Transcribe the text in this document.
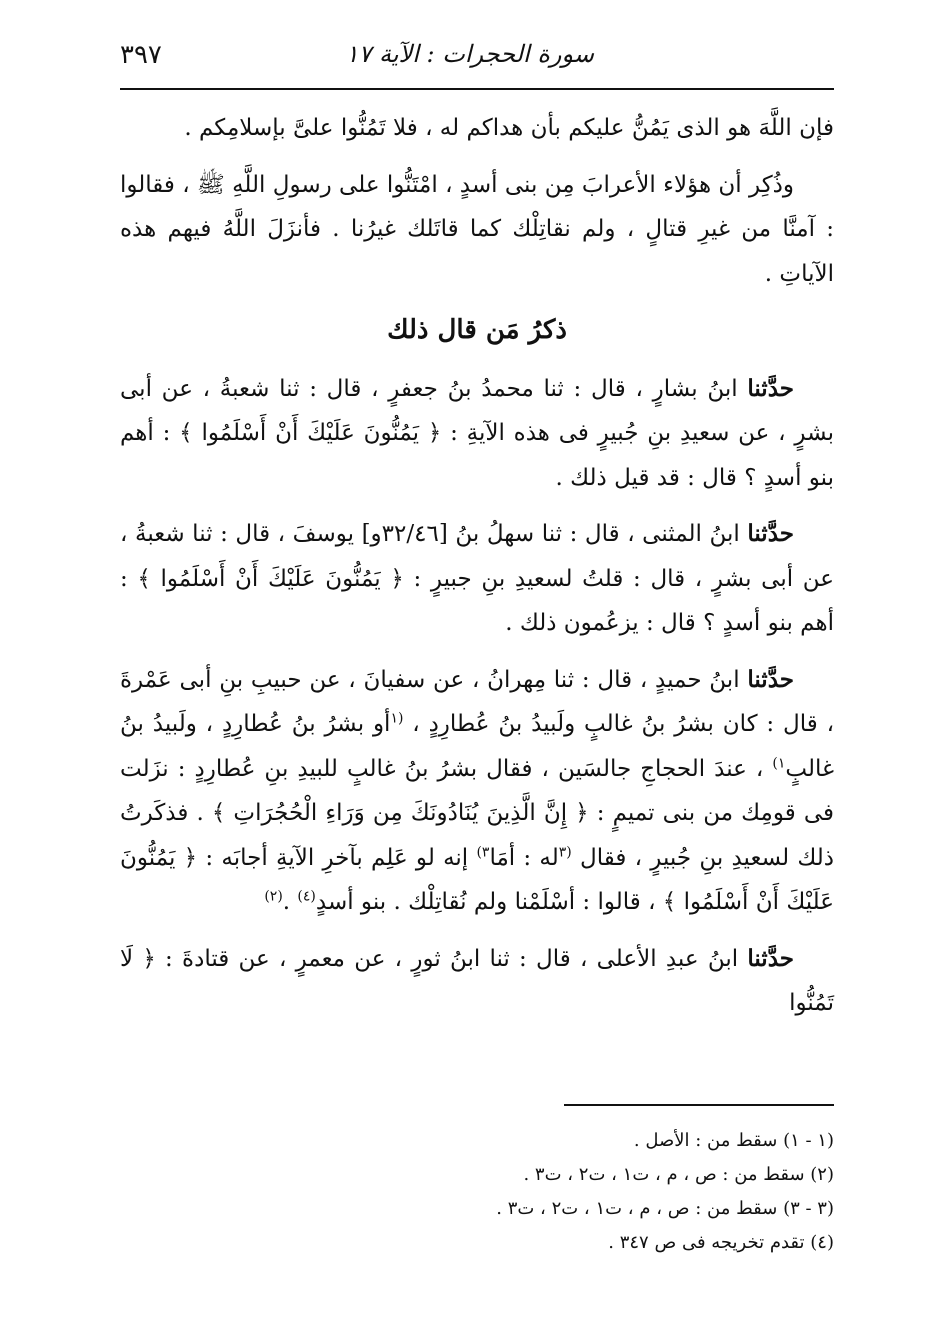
٣٩٧	سورة الحجرات : الآية ١٧

فإن اللَّهَ هو الذى يَمُنُّ عليكم بأن هداكم له ، فلا تَمُنُّوا علىَّ بإسلامِكم .

وذُكِر أن هؤلاء الأعرابَ مِن بنى أسدٍ ، امْتَنُّوا على رسولِ اللَّهِ ﷺ ، فقالوا : آمنَّا من غيرِ قتالٍ ، ولم نقاتِلْك كما قاتَلك غيرُنا . فأنزَلَ اللَّهُ فيهم هذه الآياتِ .

ذكرُ مَن قال ذلك

حدَّثنا ابنُ بشارٍ ، قال : ثنا محمدُ بنُ جعفرٍ ، قال : ثنا شعبةُ ، عن أبى بشرٍ ، عن سعيدِ بنِ جُبيرٍ فى هذه الآيةِ : ﴿ يَمُنُّونَ عَلَيْكَ أَنْ أَسْلَمُوا ﴾ : أهم بنو أسدٍ ؟ قال : قد قيل ذلك .

حدَّثنا ابنُ المثنى ، قال : ثنا سهلُ بنُ [٣٢/٤٦و] يوسفَ ، قال : ثنا شعبةُ ، عن أبى بشرٍ ، قال : قلتُ لسعيدِ بنِ جبيرٍ : ﴿ يَمُنُّونَ عَلَيْكَ أَنْ أَسْلَمُوا ﴾ : أهم بنو أسدٍ ؟ قال : يزعُمون ذلك .

حدَّثنا ابنُ حميدٍ ، قال : ثنا مِهرانُ ، عن سفيانَ ، عن حبيبِ بنِ أبى عَمْرةَ ، قال : كان بشرُ بنُ غالبٍ ولَبيدُ بنُ عُطارِدٍ ، $^{(١}$أو بشرُ بنُ عُطارِدٍ ، ولَبيدُ بنُ غالبٍ$^{١)}$ ، عندَ الحجاجِ جالسَين ، فقال بشرُ بنُ غالبٍ للبيدِ بنِ عُطارِدٍ : نزَلت فى قومِك من بنى تميمٍ : ﴿ إِنَّ الَّذِينَ يُنَادُونَكَ مِن وَرَاءِ الْحُجُرَاتِ ﴾ . فذكَرتُ ذلك لسعيدِ بنِ جُبيرٍ ، فقال $^{(٣}$له : أمَا$^{٣)}$ إنه لو عَلِم بآخرِ الآيةِ أجابَه : ﴿ يَمُنُّونَ عَلَيْكَ أَنْ أَسْلَمُوا ﴾ ، قالوا : أسْلَمْنا ولم نُقاتِلْك . بنو أسدٍ$^{(٤)}$ .$^{(٢)}$

حدَّثنا ابنُ عبدِ الأعلى ، قال : ثنا ابنُ ثورٍ ، عن معمرٍ ، عن قتادةَ : ﴿ لَا تَمُنُّوا

(١ - ١) سقط من : الأصل .
(٢) سقط من : ص ، م ، ت١ ، ت٢ ، ت٣ .
(٣ - ٣) سقط من : ص ، م ، ت١ ، ت٢ ، ت٣ .
(٤) تقدم تخريجه فى ص ٣٤٧ .
